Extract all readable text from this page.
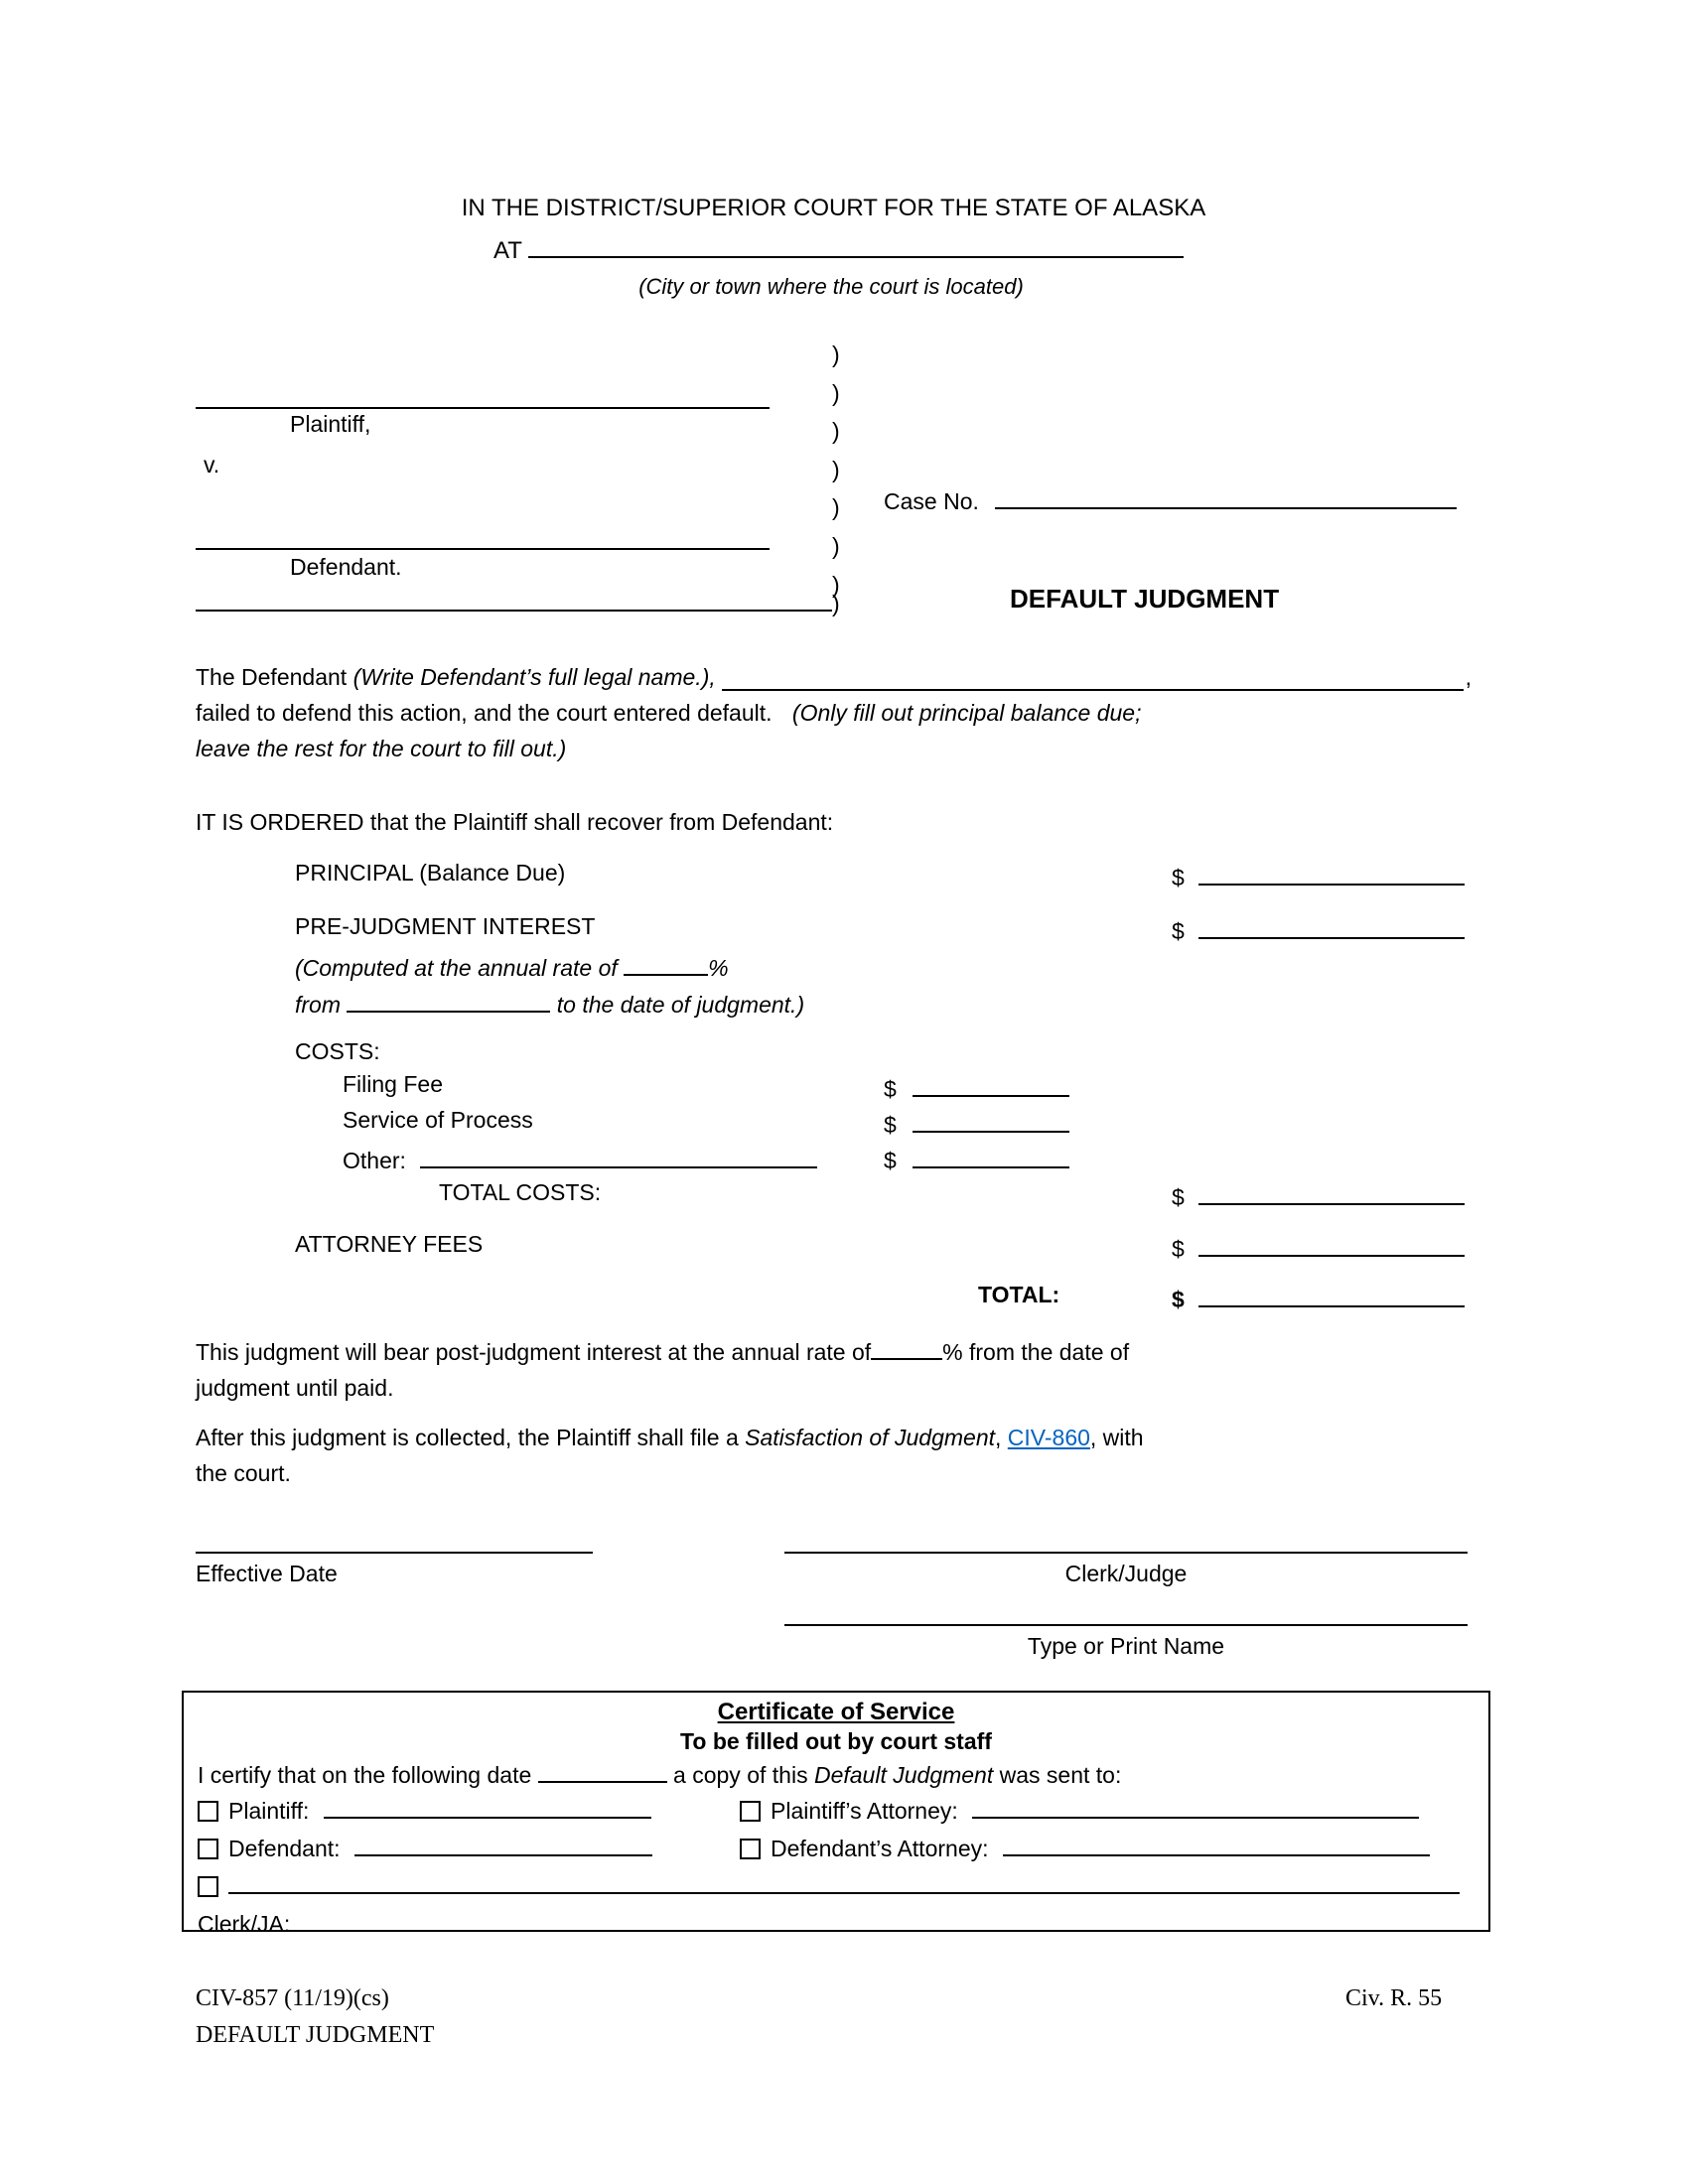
IN THE DISTRICT/SUPERIOR COURT FOR THE STATE OF ALASKA
AT
(City or town where the court is located)
Plaintiff,
v.
Defendant.
)
)
)
)
)
)
)
)
Case No.
DEFAULT JUDGMENT
The Defendant
(Write Defendant’s full legal name.),	,
failed to defend this action, and the court entered default. (Only fill out principal balance due;
leave the rest for the court to fill out.)
IT IS ORDERED that the Plaintiff shall recover from Defendant:
PRINCIPAL (Balance Due)	$
PRE-JUDGMENT INTEREST	$
(Computed at the annual rate of	%
from	to the date of judgment.)
COSTS:
Filing Fee	$
Service of Process	$
Other:	$
TOTAL COSTS:	$
ATTORNEY FEES	$
TOTAL:	$
This judgment will bear post-judgment interest at the annual rate of	% from the date of
judgment until paid.
After this judgment is collected, the Plaintiff shall file a Satisfaction of Judgment, CIV-860, with
the court.
Effective Date	Clerk/Judge
Type or Print Name
Certificate of Service
To be filled out by court staff
I certify that on the following date	a copy of this Default Judgment was sent to:
Plaintiff:	Plaintiff’s Attorney:
Defendant:	Defendant’s Attorney:
Clerk/JA:
CIV-857 (11/19)(cs)
DEFAULT JUDGMENT
Civ. R. 55
